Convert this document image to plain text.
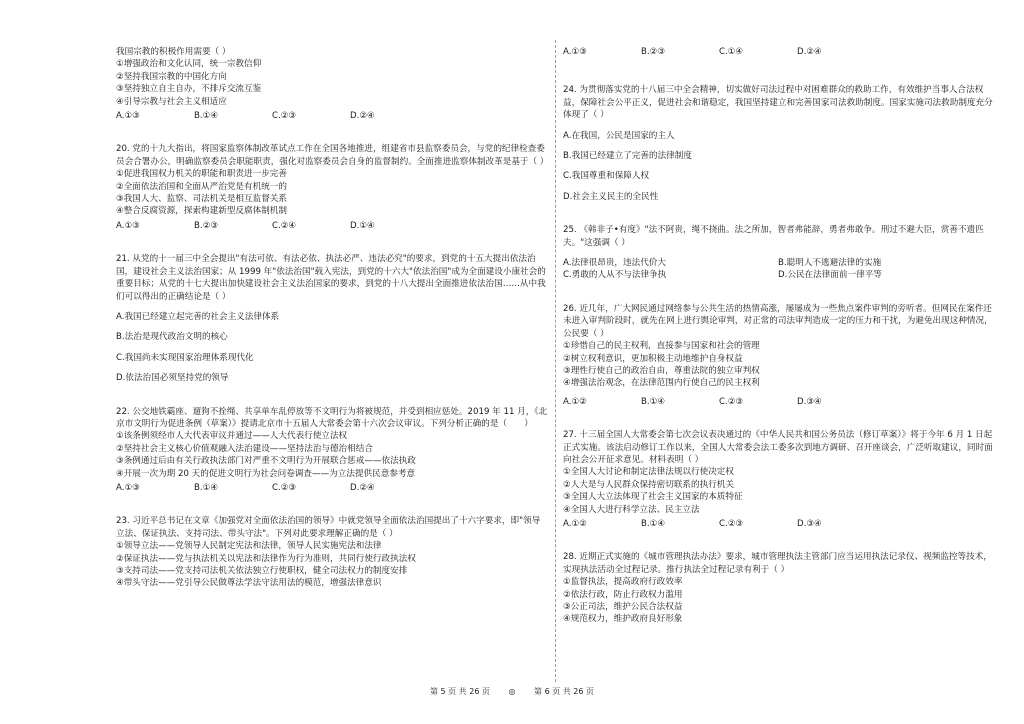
我国宗教的积极作用需要（ ）

①增强政治和文化认同，统一宗教信仰

②坚持我国宗教的中国化方向

③坚持独立自主自办，不排斥交流互鉴

④引导宗教与社会主义相适应

A.①③	B.①④	C.②③	D.②④

20. 党的十九大指出，将国家监察体制改革试点工作在全国各地推进，组建省市县监察委员会，与党的纪律检查委员会合署办公，明确监察委员会职能职责，强化对监察委员会自身的监督制约。全面推进监察体制改革是基于（ ）

①促进我国权力机关的职能和职责进一步完善

②全面依法治国和全面从严治党是有机统一的

③我国人大、监察、司法机关是相互监督关系

④整合反腐资源，探索构建新型反腐体制机制

A.①③	B.②③	C.②④	D.①④

21. 从党的十一届三中全会提出"有法可依、有法必依、执法必严、违法必究"的要求，到党的十五大提出依法治国，建设社会主义法治国家；从 1999 年"依法治国"载入宪法，到党的十六大"依法治国"成为全面建设小康社会的重要目标；从党的十七大提出加快建设社会主义法治国家的要求，到党的十八大提出全面推进依法治国……从中我们可以得出的正确结论是（ ）

A.我国已经建立起完善的社会主义法律体系

B.法治是现代政治文明的核心

C.我国尚未实现国家治理体系现代化

D.依法治国必须坚持党的领导

22. 公交地铁霸座、遛狗不拴绳、共享单车乱停放等不文明行为将被规范，并受到相应惩处。2019 年 11 月，《北京市文明行为促进条例（草案）》提请北京市十五届人大常委会第十六次会议审议。下列分析正确的是（　　）

①该条例须经市人大代表审议并通过——人大代表行使立法权

②坚持社会主义核心价值观融入法治建设——坚持法治与德治相结合

③条例通过后由有关行政执法部门对严重不文明行为开展联合惩戒——依法执政

④开展一次为期 20 天的促进文明行为社会问卷调查——为立法提供民意参考意

A.①③	B.①④	C.②③	D.②④

23. 习近平总书记在文章《加强党对全面依法治国的领导》中就党领导全面依法治国提出了十六字要求，即"领导立法、保证执法、支持司法、带头守法"。下列对此要求理解正确的是（ ）

①领导立法——党领导人民制定宪法和法律，领导人民实施宪法和法律

②保证执法——党与执法机关以宪法和法律作为行为准则，共同行使行政执法权

③支持司法——党支持司法机关依法独立行使职权，健全司法权力的制度安排

④带头守法——党引导公民做尊法学法守法用法的模范，增强法律意识

A.①③	B.②③	C.①④	D.②④

24. 为贯彻落实党的十八届三中全会精神，切实做好司法过程中对困难群众的救助工作，有效维护当事人合法权益，保障社会公平正义，促进社会和谐稳定，我国坚持建立和完善国家司法救助制度。国家实施司法救助制度充分体现了（ ）

A.在我国，公民是国家的主人

B.我国已经建立了完善的法律制度

C.我国尊重和保障人权

D.社会主义民主的全民性

25. 《韩非子•有度》"法不阿贵，绳不挠曲。法之所加，智者弗能辞，勇者弗敢争。刑过不避大臣，赏善不遗匹夫。"这强调（ ）

A.法律很昂贵，违法代价大	B.聪明人不逃避法律的实施
C.勇敢的人从不与法律争执	D.公民在法律面前一律平等

26. 近几年，广大网民通过网络参与公共生活的热情高涨，屡屡成为一些焦点案件审判的旁听者。但网民在案件还未进入审判阶段时，就先在网上进行舆论审判，对正常的司法审判造成一定的压力和干扰，为避免出现这种情况，公民要（ ）

①珍惜自己的民主权利，直接参与国家和社会的管理

②树立权利意识，更加积极主动地维护自身权益

③理性行使自己的政治自由，尊重法院的独立审判权

④增强法治观念，在法律范围内行使自己的民主权利

A.①②	B.①④	C.②③	D.③④

27. 十三届全国人大常委会第七次会议表决通过的《中华人民共和国公务员法（修订草案）》将于今年 6 月 1 日起正式实施。该法启动修订工作以来，全国人大常委会法工委多次到地方调研、召开座谈会，广泛听取建议，同时面向社会公开征求意见。材料表明（ ）

①全国人大讨论和制定法律法规以行使决定权

②人大是与人民群众保持密切联系的执行机关

③全国人大立法体现了社会主义国家的本质特征

④全国人大进行科学立法、民主立法

A.①②	B.①④	C.②③	D.③④

28. 近期正式实施的《城市管理执法办法》要求，城市管理执法主管部门应当运用执法记录仪、视频监控等技术，实现执法活动全过程记录。推行执法全过程记录有利于（ ）

①监督执法，提高政府行政效率

②依法行政，防止行政权力滥用

③公正司法，维护公民合法权益

④规范权力，维护政府良好形象

第 5 页 共 26 页 ◎ 第 6 页 共 26 页
